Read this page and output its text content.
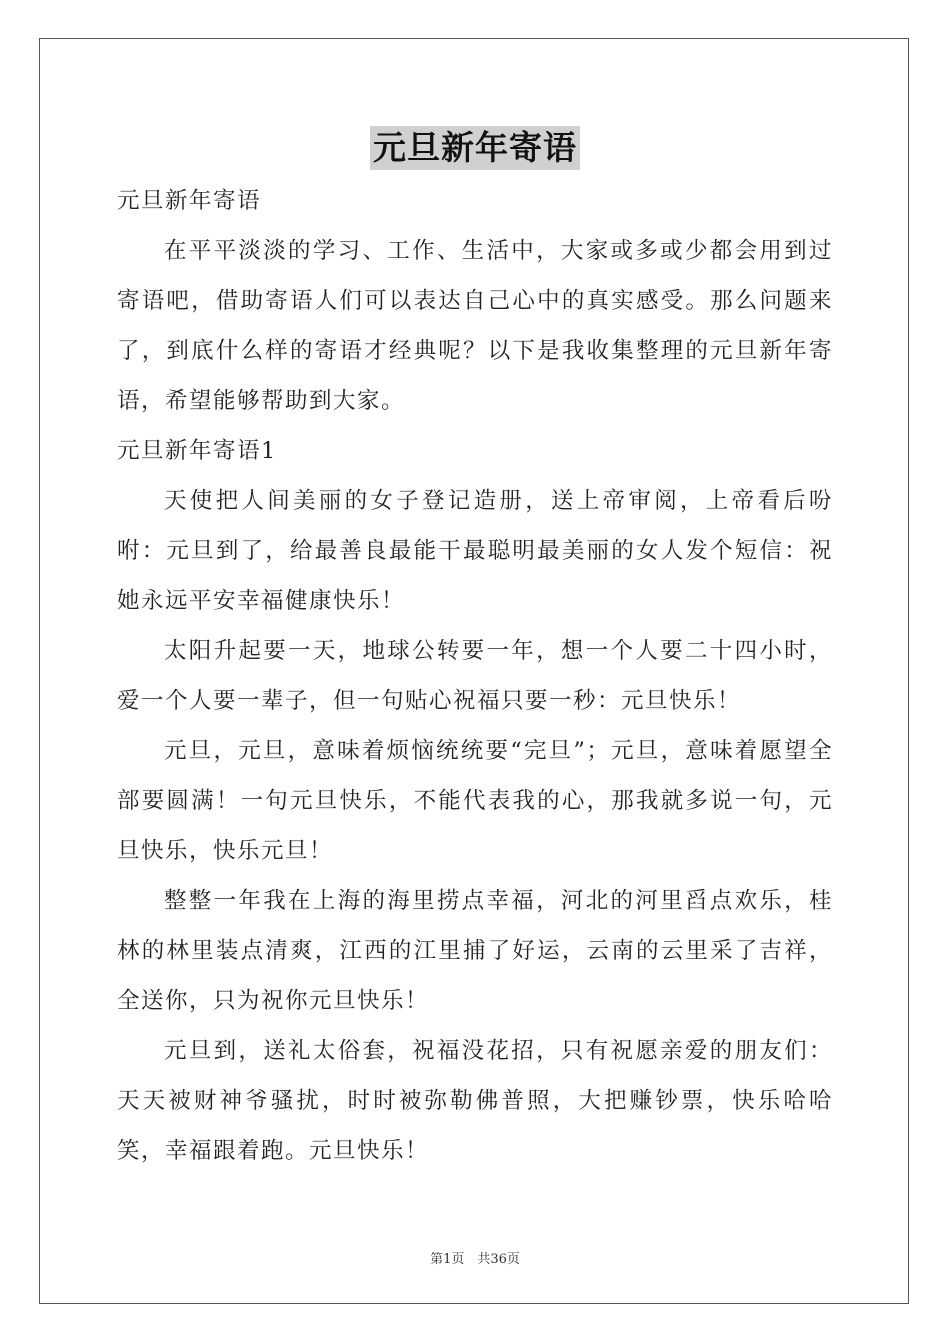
元旦新年寄语
元旦新年寄语

在平平淡淡的学习、工作、生活中，大家或多或少都会用到过寄语吧，借助寄语人们可以表达自己心中的真实感受。那么问题来了，到底什么样的寄语才经典呢？以下是我收集整理的元旦新年寄语，希望能够帮助到大家。

元旦新年寄语1

天使把人间美丽的女子登记造册，送上帝审阅，上帝看后吩咐：元旦到了，给最善良最能干最聪明最美丽的女人发个短信：祝她永远平安幸福健康快乐！

太阳升起要一天，地球公转要一年，想一个人要二十四小时，爱一个人要一辈子，但一句贴心祝福只要一秒：元旦快乐！

元旦，元旦，意味着烦恼统统要“完旦”；元旦，意味着愿望全部要圆满！一句元旦快乐，不能代表我的心，那我就多说一句，元旦快乐，快乐元旦！

整整一年我在上海的海里捞点幸福，河北的河里舀点欢乐，桂林的林里装点清爽，江西的江里捕了好运，云南的云里采了吉祥，全送你，只为祝你元旦快乐！

元旦到，送礼太俗套，祝福没花招，只有祝愿亲爱的朋友们：天天被财神爷骚扰，时时被弥勒佛普照，大把赚钞票，快乐哈哈笑，幸福跟着跑。元旦快乐！

第1页　共36页
